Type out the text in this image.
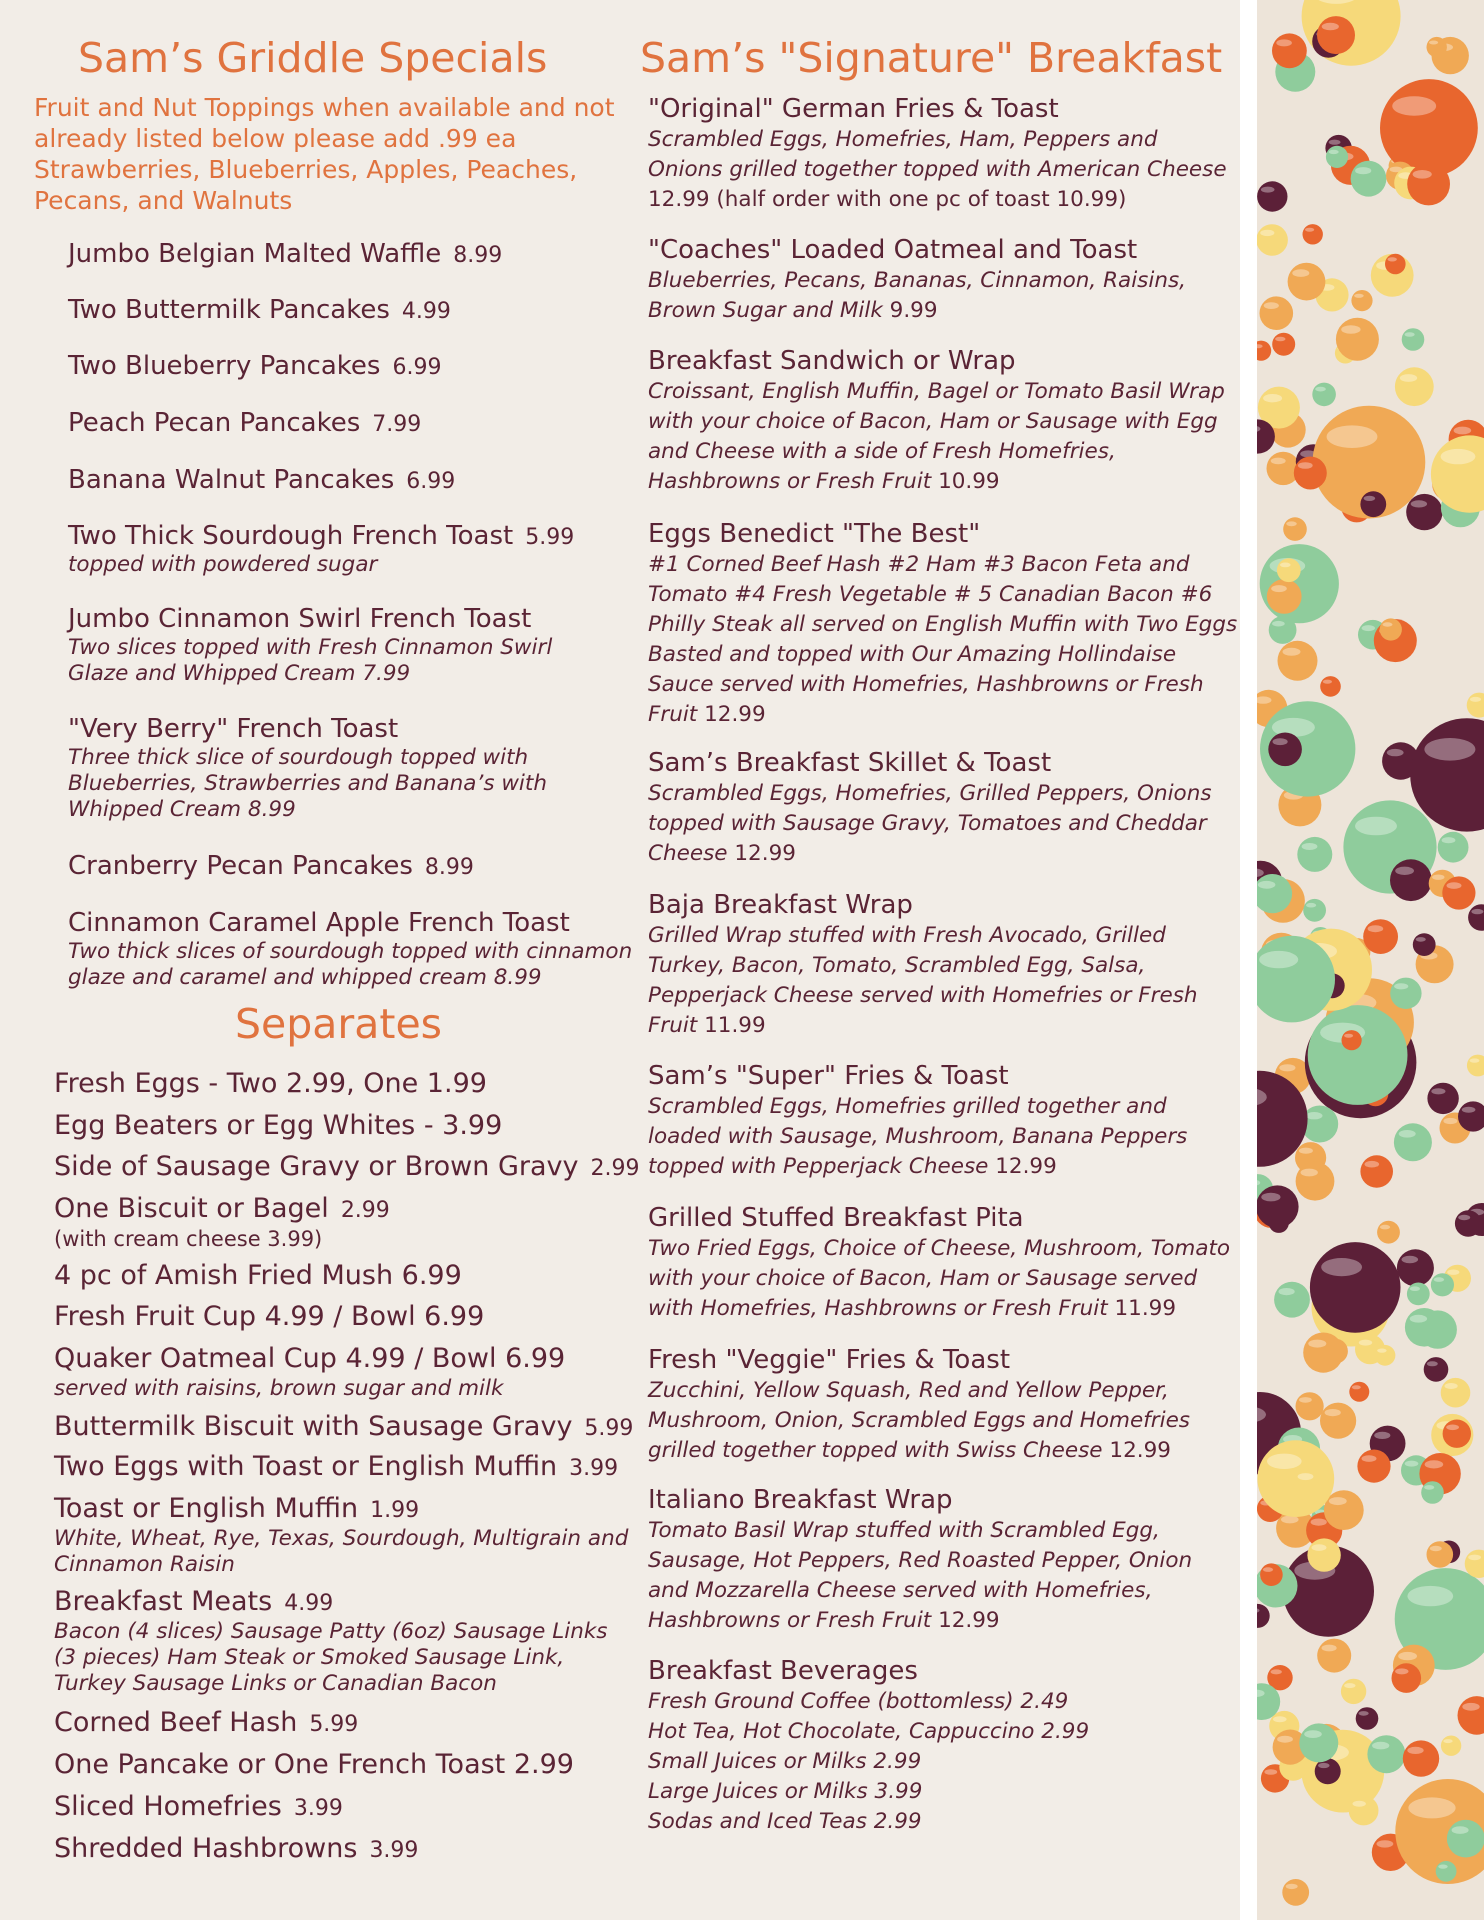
Sam’s Griddle Specials
Fruit and Nut Toppings when available and not already listed below please add .99 ea Strawberries, Blueberries, Apples, Peaches, Pecans, and Walnuts
Jumbo Belgian Malted Waffle 8.99
Two Buttermilk Pancakes 4.99
Two Blueberry Pancakes 6.99
Peach Pecan Pancakes 7.99
Banana Walnut Pancakes 6.99
Two Thick Sourdough French Toast 5.99
topped with powdered sugar
Jumbo Cinnamon Swirl French Toast
Two slices topped with Fresh Cinnamon Swirl Glaze and Whipped Cream 7.99
"Very Berry" French Toast
Three thick slice of sourdough topped with Blueberries, Strawberries and Banana’s with Whipped Cream 8.99
Cranberry Pecan Pancakes 8.99
Cinnamon Caramel Apple French Toast
Two thick slices of sourdough topped with cinnamon glaze and caramel and whipped cream 8.99
Separates
Fresh Eggs - Two 2.99, One 1.99
Egg Beaters or Egg Whites - 3.99
Side of Sausage Gravy or Brown Gravy 2.99
One Biscuit or Bagel 2.99
(with cream cheese 3.99)
4 pc of Amish Fried Mush 6.99
Fresh Fruit Cup 4.99 / Bowl 6.99
Quaker Oatmeal Cup 4.99 / Bowl 6.99
served with raisins, brown sugar and milk
Buttermilk Biscuit with Sausage Gravy 5.99
Two Eggs with Toast or English Muffin 3.99
Toast or English Muffin 1.99
White, Wheat, Rye, Texas, Sourdough, Multigrain and Cinnamon Raisin
Breakfast Meats 4.99
Bacon (4 slices) Sausage Patty (6oz) Sausage Links (3 pieces) Ham Steak or Smoked Sausage Link, Turkey Sausage Links or Canadian Bacon
Corned Beef Hash 5.99
One Pancake or One French Toast 2.99
Sliced Homefries 3.99
Shredded Hashbrowns 3.99
Sam’s "Signature" Breakfast
"Original" German Fries & Toast
Scrambled Eggs, Homefries, Ham, Peppers and Onions grilled together topped with American Cheese 12.99 (half order with one pc of toast 10.99)
"Coaches" Loaded Oatmeal and Toast
Blueberries, Pecans, Bananas, Cinnamon, Raisins, Brown Sugar and Milk 9.99
Breakfast Sandwich or Wrap
Croissant, English Muffin, Bagel or Tomato Basil Wrap with your choice of Bacon, Ham or Sausage with Egg and Cheese with a side of Fresh Homefries, Hashbrowns or Fresh Fruit 10.99
Eggs Benedict "The Best"
#1 Corned Beef Hash #2 Ham #3 Bacon Feta and Tomato #4 Fresh Vegetable # 5 Canadian Bacon #6 Philly Steak all served on English Muffin with Two Eggs Basted and topped with Our Amazing Hollindaise Sauce served with Homefries, Hashbrowns or Fresh Fruit 12.99
Sam’s Breakfast Skillet & Toast
Scrambled Eggs, Homefries, Grilled Peppers, Onions topped with Sausage Gravy, Tomatoes and Cheddar Cheese 12.99
Baja Breakfast Wrap
Grilled Wrap stuffed with Fresh Avocado, Grilled Turkey, Bacon, Tomato, Scrambled Egg, Salsa, Pepperjack Cheese served with Homefries or Fresh Fruit 11.99
Sam’s "Super" Fries & Toast
Scrambled Eggs, Homefries grilled together and loaded with Sausage, Mushroom, Banana Peppers topped with Pepperjack Cheese 12.99
Grilled Stuffed Breakfast Pita
Two Fried Eggs, Choice of Cheese, Mushroom, Tomato with your choice of Bacon, Ham or Sausage served with Homefries, Hashbrowns or Fresh Fruit 11.99
Fresh "Veggie" Fries & Toast
Zucchini, Yellow Squash, Red and Yellow Pepper, Mushroom, Onion, Scrambled Eggs and Homefries grilled together topped with Swiss Cheese 12.99
Italiano Breakfast Wrap
Tomato Basil Wrap stuffed with Scrambled Egg, Sausage, Hot Peppers, Red Roasted Pepper, Onion and Mozzarella Cheese served with Homefries, Hashbrowns or Fresh Fruit 12.99
Breakfast Beverages
Fresh Ground Coffee (bottomless) 2.49
Hot Tea, Hot Chocolate, Cappuccino 2.99
Small Juices or Milks 2.99
Large Juices or Milks 3.99
Sodas and Iced Teas 2.99
